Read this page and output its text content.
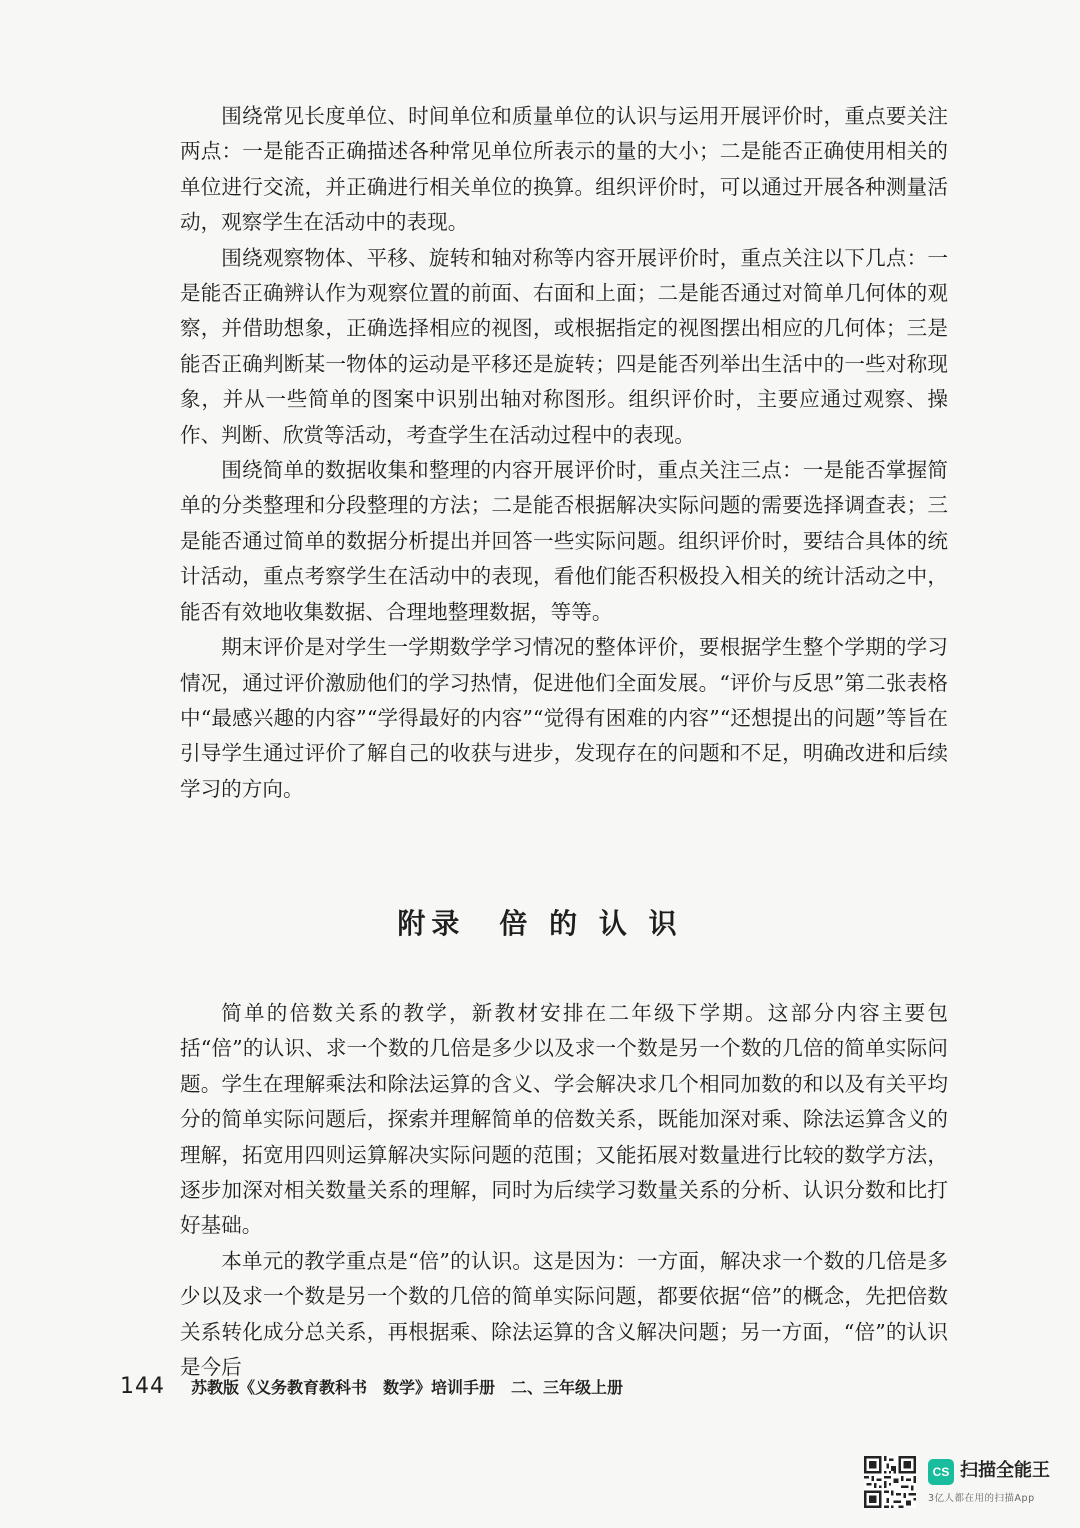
围绕常见长度单位、时间单位和质量单位的认识与运用开展评价时，重点要关注两点：一是能否正确描述各种常见单位所表示的量的大小；二是能否正确使用相关的单位进行交流，并正确进行相关单位的换算。组织评价时，可以通过开展各种测量活动，观察学生在活动中的表现。

围绕观察物体、平移、旋转和轴对称等内容开展评价时，重点关注以下几点：一是能否正确辨认作为观察位置的前面、右面和上面；二是能否通过对简单几何体的观察，并借助想象，正确选择相应的视图，或根据指定的视图摆出相应的几何体；三是能否正确判断某一物体的运动是平移还是旋转；四是能否列举出生活中的一些对称现象，并从一些简单的图案中识别出轴对称图形。组织评价时，主要应通过观察、操作、判断、欣赏等活动，考查学生在活动过程中的表现。

围绕简单的数据收集和整理的内容开展评价时，重点关注三点：一是能否掌握简单的分类整理和分段整理的方法；二是能否根据解决实际问题的需要选择调查表；三是能否通过简单的数据分析提出并回答一些实际问题。组织评价时，要结合具体的统计活动，重点考察学生在活动中的表现，看他们能否积极投入相关的统计活动之中，能否有效地收集数据、合理地整理数据，等等。

期末评价是对学生一学期数学学习情况的整体评价，要根据学生整个学期的学习情况，通过评价激励他们的学习热情，促进他们全面发展。“评价与反思”第二张表格中“最感兴趣的内容”“学得最好的内容”“觉得有困难的内容”“还想提出的问题”等旨在引导学生通过评价了解自己的收获与进步，发现存在的问题和不足，明确改进和后续学习的方向。

附录　倍 的 认 识

简单的倍数关系的教学，新教材安排在二年级下学期。这部分内容主要包括“倍”的认识、求一个数的几倍是多少以及求一个数是另一个数的几倍的简单实际问题。学生在理解乘法和除法运算的含义、学会解决求几个相同加数的和以及有关平均分的简单实际问题后，探索并理解简单的倍数关系，既能加深对乘、除法运算含义的理解，拓宽用四则运算解决实际问题的范围；又能拓展对数量进行比较的数学方法，逐步加深对相关数量关系的理解，同时为后续学习数量关系的分析、认识分数和比打好基础。

本单元的教学重点是“倍”的认识。这是因为：一方面，解决求一个数的几倍是多少以及求一个数是另一个数的几倍的简单实际问题，都要依据“倍”的概念，先把倍数关系转化成分总关系，再根据乘、除法运算的含义解决问题；另一方面，“倍”的认识是今后

144 苏教版《义务教育教科书　数学》培训手册　二、三年级上册
CS 扫描全能王
3亿人都在用的扫描App
